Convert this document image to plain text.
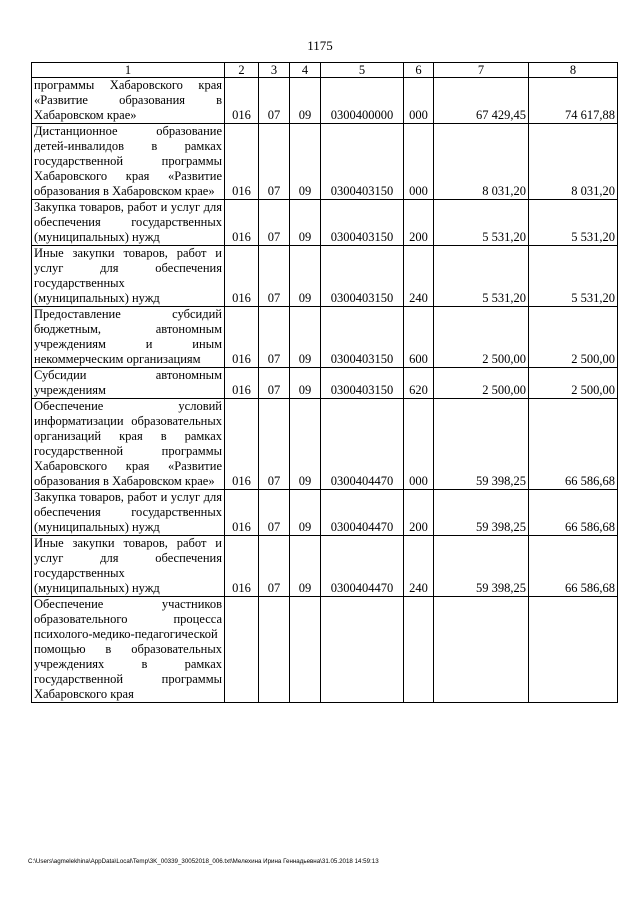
1175
1	2	3	4	5	6	7	8
программы Хабаровского края «Развитие образования в Хабаровском крае»	016	07	09	0300400000	000	67 429,45	74 617,88
Дистанционное образование детей-инвалидов в рамках государственной программы Хабаровского края «Развитие образования в Хабаровском крае»	016	07	09	0300403150	000	8 031,20	8 031,20
Закупка товаров, работ и услуг для обеспечения государственных (муниципальных) нужд	016	07	09	0300403150	200	5 531,20	5 531,20
Иные закупки товаров, работ и услуг для обеспечения государственных (муниципальных) нужд	016	07	09	0300403150	240	5 531,20	5 531,20
Предоставление субсидий бюджетным, автономным учреждениям и иным некоммерческим организациям	016	07	09	0300403150	600	2 500,00	2 500,00
Субсидии автономным учреждениям	016	07	09	0300403150	620	2 500,00	2 500,00
Обеспечение условий информатизации образовательных организаций края в рамках государственной программы Хабаровского края «Развитие образования в Хабаровском крае»	016	07	09	0300404470	000	59 398,25	66 586,68
Закупка товаров, работ и услуг для обеспечения государственных (муниципальных) нужд	016	07	09	0300404470	200	59 398,25	66 586,68
Иные закупки товаров, работ и услуг для обеспечения государственных (муниципальных) нужд	016	07	09	0300404470	240	59 398,25	66 586,68
Обеспечение участников образовательного процесса психолого-медико-педагогической помощью в образовательных учреждениях в рамках государственной программы Хабаровского края							
C:\Users\agmelekhina\AppData\Local\Temp\3K_00339_30052018_006.txt\Мелехина Ирина Геннадьевна\31.05.2018 14:59:13
